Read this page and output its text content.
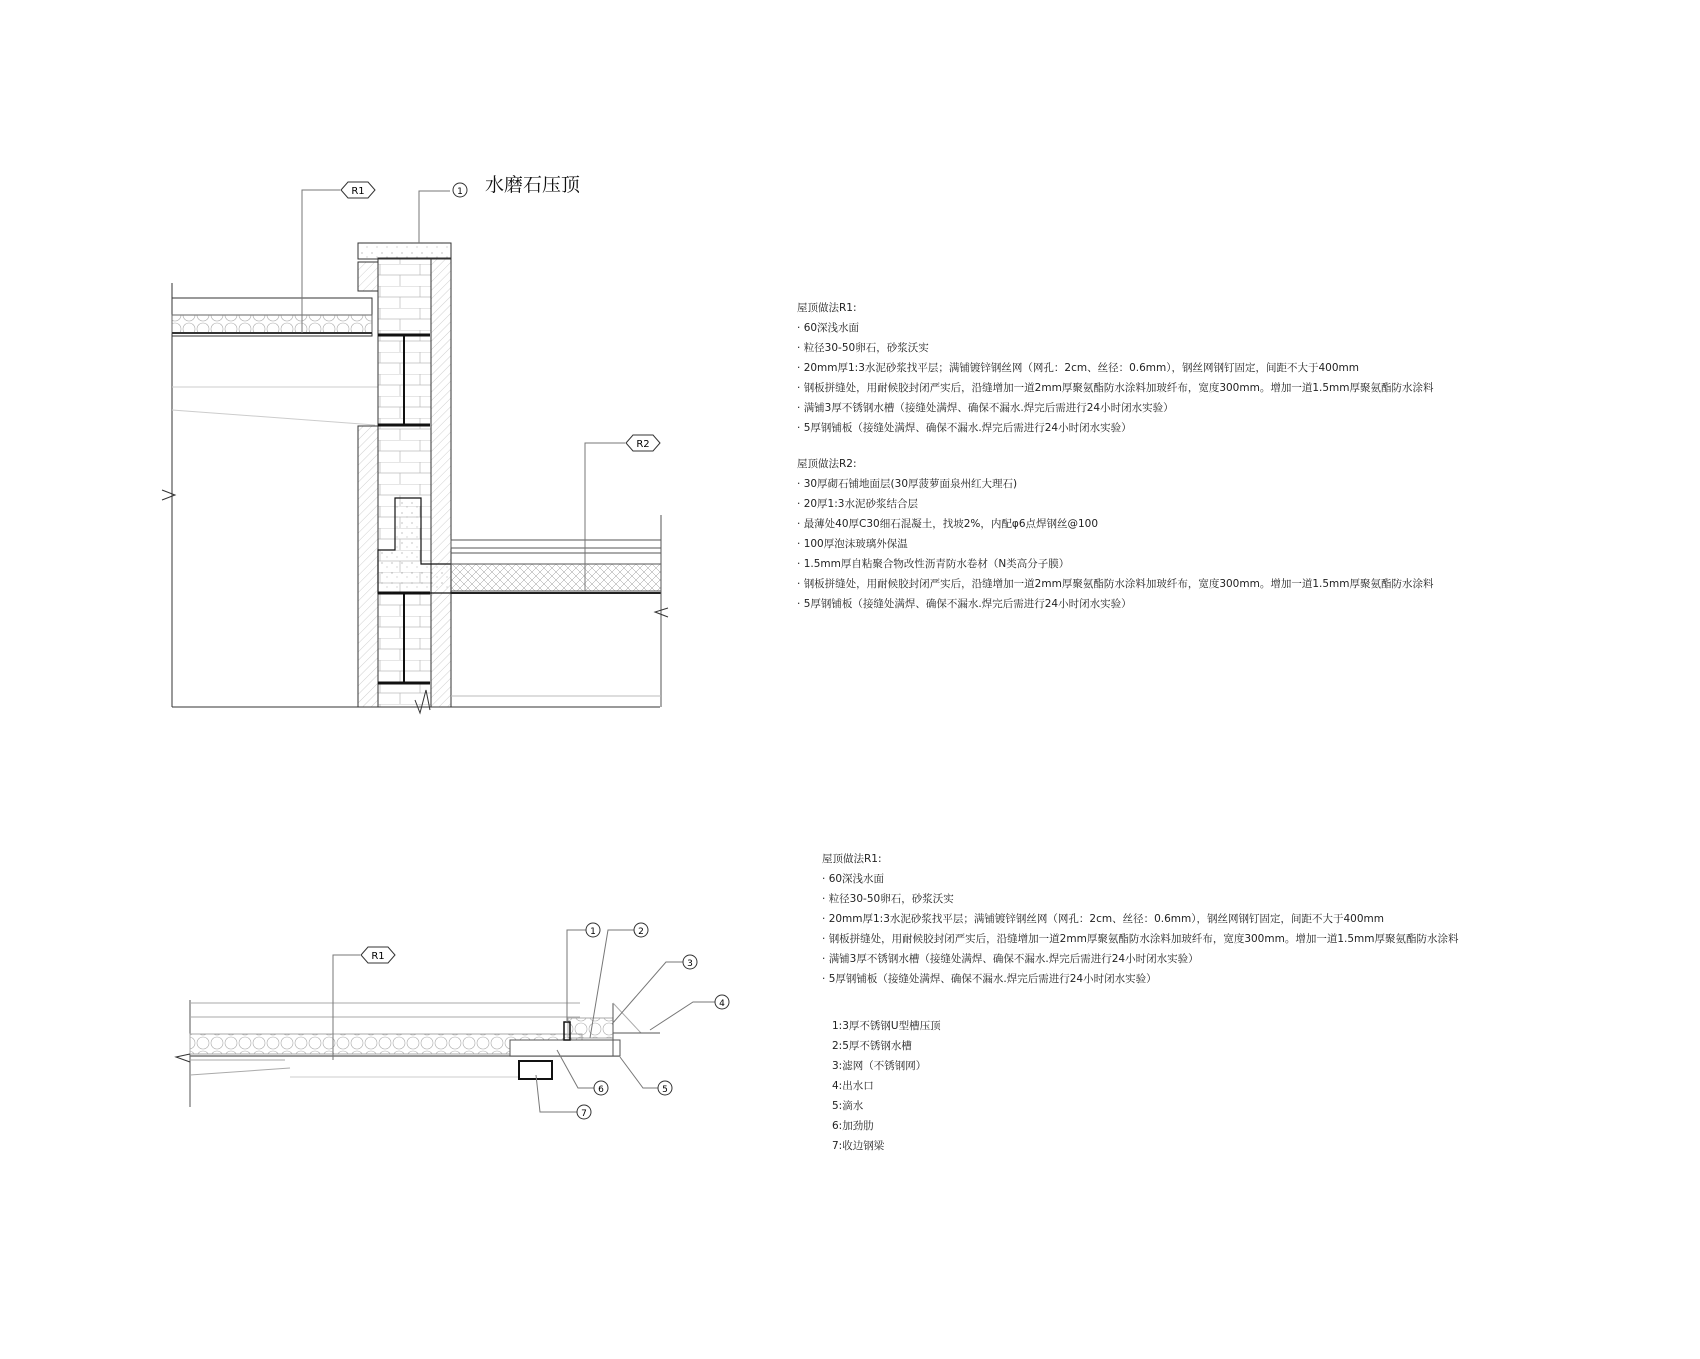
R1	1
R2
R1
1	2
3
4
5
6
7
水磨石压顶
屋顶做法R1:
· 60深浅水面
· 粒径30-50卵石，砂浆沃实
· 20mm厚1:3水泥砂浆找平层；满铺镀锌钢丝网（网孔：2cm、丝径：0.6mm），钢丝网钢钉固定，间距不大于400mm
· 钢板拼缝处，用耐候胶封闭严实后，沿缝增加一道2mm厚聚氨酯防水涂料加玻纤布，宽度300mm。增加一道1.5mm厚聚氨酯防水涂料
· 满铺3厚不锈钢水槽（接缝处满焊、确保不漏水.焊完后需进行24小时闭水实验）
· 5厚钢铺板（接缝处满焊、确保不漏水.焊完后需进行24小时闭水实验）
屋顶做法R2:
· 30厚砌石铺地面层(30厚菠萝面泉州红大理石)
· 20厚1:3水泥砂浆结合层
· 最薄处40厚C30细石混凝土，找坡2%，内配φ6点焊钢丝@100
· 100厚泡沫玻璃外保温
· 1.5mm厚自粘聚合物改性沥青防水卷材（N类高分子膜）
· 钢板拼缝处，用耐候胶封闭严实后，沿缝增加一道2mm厚聚氨酯防水涂料加玻纤布，宽度300mm。增加一道1.5mm厚聚氨酯防水涂料
· 5厚钢铺板（接缝处满焊、确保不漏水.焊完后需进行24小时闭水实验）
屋顶做法R1:
· 60深浅水面
· 粒径30-50卵石，砂浆沃实
· 20mm厚1:3水泥砂浆找平层；满铺镀锌钢丝网（网孔：2cm、丝径：0.6mm），钢丝网钢钉固定，间距不大于400mm
· 钢板拼缝处，用耐候胶封闭严实后，沿缝增加一道2mm厚聚氨酯防水涂料加玻纤布，宽度300mm。增加一道1.5mm厚聚氨酯防水涂料
· 满铺3厚不锈钢水槽（接缝处满焊、确保不漏水.焊完后需进行24小时闭水实验）
· 5厚钢铺板（接缝处满焊、确保不漏水.焊完后需进行24小时闭水实验）
1:3厚不锈钢U型槽压顶
2:5厚不锈钢水槽
3:滤网（不锈钢网）
4:出水口
5:滴水
6:加劲肋
7:收边钢梁
